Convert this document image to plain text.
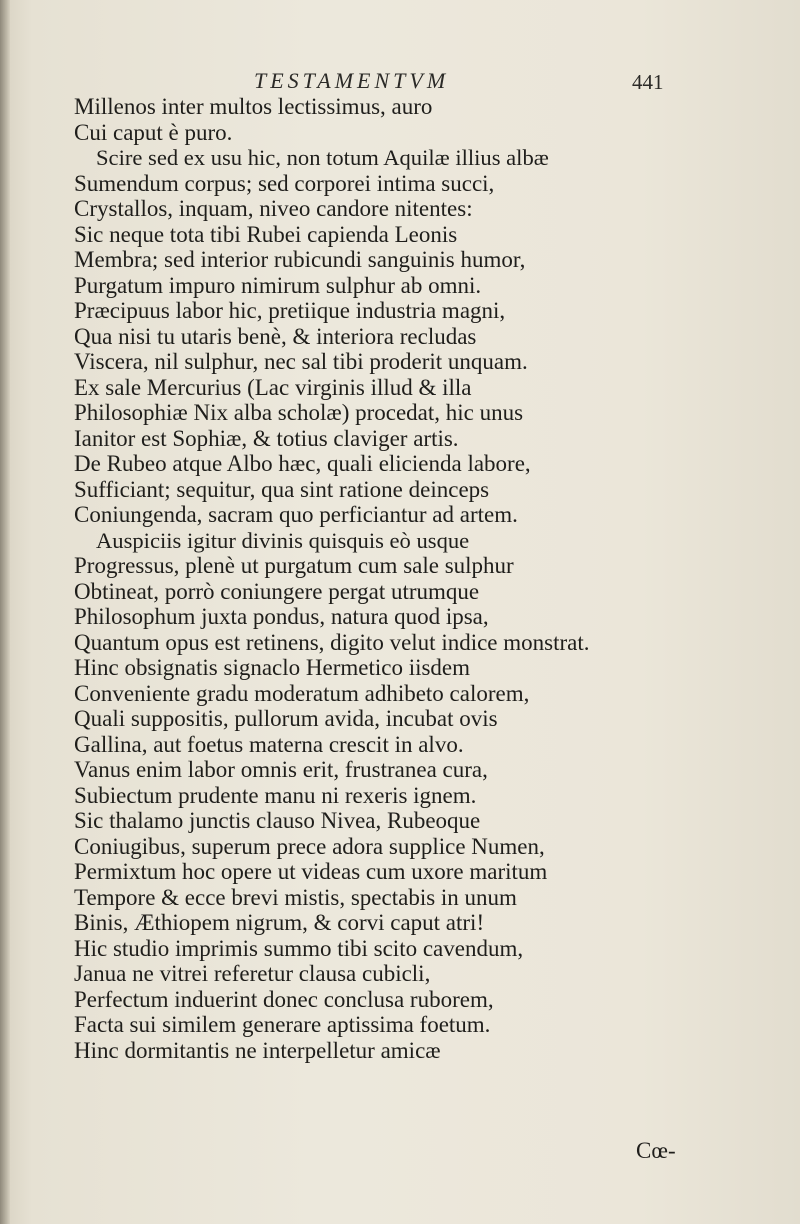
TESTAMENTVM	441
Millenos inter multos lectissimus, auro
Cui caput è puro.
Scire sed ex usu hic, non totum Aquilæ illius albæ
Sumendum corpus; sed corporei intima succi,
Crystallos, inquam, niveo candore nitentes:
Sic neque tota tibi Rubei capienda Leonis
Membra; sed interior rubicundi sanguinis humor,
Purgatum impuro nimirum sulphur ab omni.
Præcipuus labor hic, pretiique industria magni,
Qua nisi tu utaris benè, & interiora recludas
Viscera, nil sulphur, nec sal tibi proderit unquam.
Ex sale Mercurius (Lac virginis illud & illa
Philosophiæ Nix alba scholæ) procedat, hic unus
Ianitor est Sophiæ, & totius claviger artis.
De Rubeo atque Albo hæc, quali elicienda labore,
Sufficiant; sequitur, qua sint ratione deinceps
Coniungenda, sacram quo perficiantur ad artem.
Auspiciis igitur divinis quisquis eò usque
Progressus, plenè ut purgatum cum sale sulphur
Obtineat, porrò coniungere pergat utrumque
Philosophum juxta pondus, natura quod ipsa,
Quantum opus est retinens, digito velut indice monstrat.
Hinc obsignatis signaclo Hermetico iisdem
Conveniente gradu moderatum adhibeto calorem,
Quali suppositis, pullorum avida, incubat ovis
Gallina, aut foetus materna crescit in alvo.
Vanus enim labor omnis erit, frustranea cura,
Subiectum prudente manu ni rexeris ignem.
Sic thalamo junctis clauso Nivea, Rubeoque
Coniugibus, superum prece adora supplice Numen,
Permixtum hoc opere ut videas cum uxore maritum
Tempore & ecce brevi mistis, spectabis in unum
Binis, Æthiopem nigrum, & corvi caput atri!
Hic studio imprimis summo tibi scito cavendum,
Janua ne vitrei referetur clausa cubicli,
Perfectum induerint donec conclusa ruborem,
Facta sui similem generare aptissima foetum.
Hinc dormitantis ne interpelletur amicæ
Cœ-
